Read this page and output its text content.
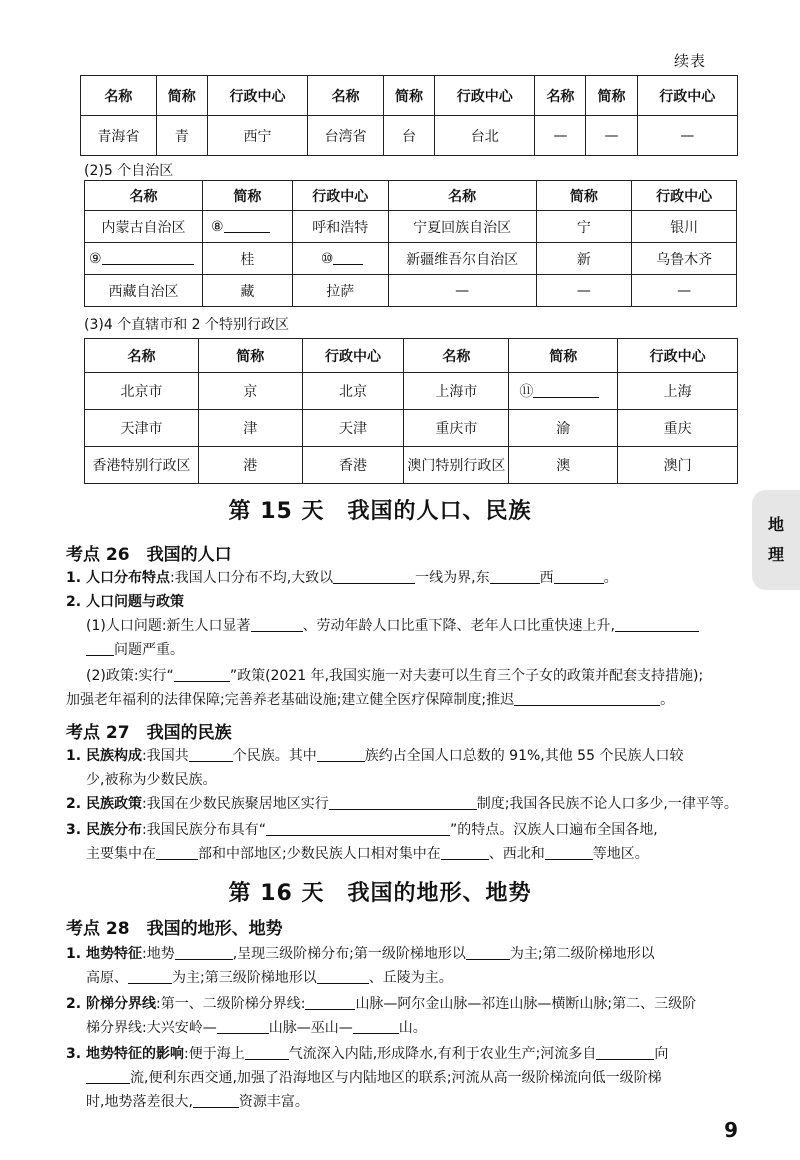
续表
名称	简称	行政中心	名称	简称	行政中心	名称	简称	行政中心
青海省	青	西宁	台湾省	台	台北	—	—	—
(2)5 个自治区
名称	简称	行政中心	名称	简称	行政中心
内蒙古自治区	⑧	呼和浩特	宁夏回族自治区	宁	银川
⑨	桂	⑩	新疆维吾尔自治区	新	乌鲁木齐
西藏自治区	藏	拉萨	—	—	—
(3)4 个直辖市和 2 个特别行政区
名称	简称	行政中心	名称	简称	行政中心
北京市	京	北京	上海市	⑪	上海
天津市	津	天津	重庆市	渝	重庆
香港特别行政区	港	香港	澳门特别行政区	澳	澳门
第 15 天　我国的人口、民族
考点 26　我国的人口
1. 人口分布特点:我国人口分布不均,大致以	一线为界,东	西	。
2. 人口问题与政策
(1)人口问题:新生人口显著	、劳动年龄人口比重下降、老年人口比重快速上升,
问题严重。
(2)政策:实行“	”政策(2021 年,我国实施一对夫妻可以生育三个子女的政策并配套支持措施);
加强老年福利的法律保障;完善养老基础设施;建立健全医疗保障制度;推迟	。
考点 27　我国的民族
1. 民族构成:我国共	个民族。其中	族约占全国人口总数的 91%,其他 55 个民族人口较
少,被称为少数民族。
2. 民族政策:我国在少数民族聚居地区实行	制度;我国各民族不论人口多少,一律平等。
3. 民族分布:我国民族分布具有“	”的特点。汉族人口遍布全国各地,
主要集中在	部和中部地区;少数民族人口相对集中在	、西北和	等地区。
第 16 天　我国的地形、地势
考点 28　我国的地形、地势
1. 地势特征:地势	,呈现三级阶梯分布;第一级阶梯地形以	为主;第二级阶梯地形以
高原、	为主;第三级阶梯地形以	、丘陵为主。
2. 阶梯分界线:第一、二级阶梯分界线:	山脉—阿尔金山脉—祁连山脉—横断山脉;第二、三级阶
梯分界线:大兴安岭—	山脉—巫山—	山。
3. 地势特征的影响:便于海上	气流深入内陆,形成降水,有利于农业生产;河流多自	向
流,便利东西交通,加强了沿海地区与内陆地区的联系;河流从高一级阶梯流向低一级阶梯
时,地势落差很大,	资源丰富。
地
理
9
